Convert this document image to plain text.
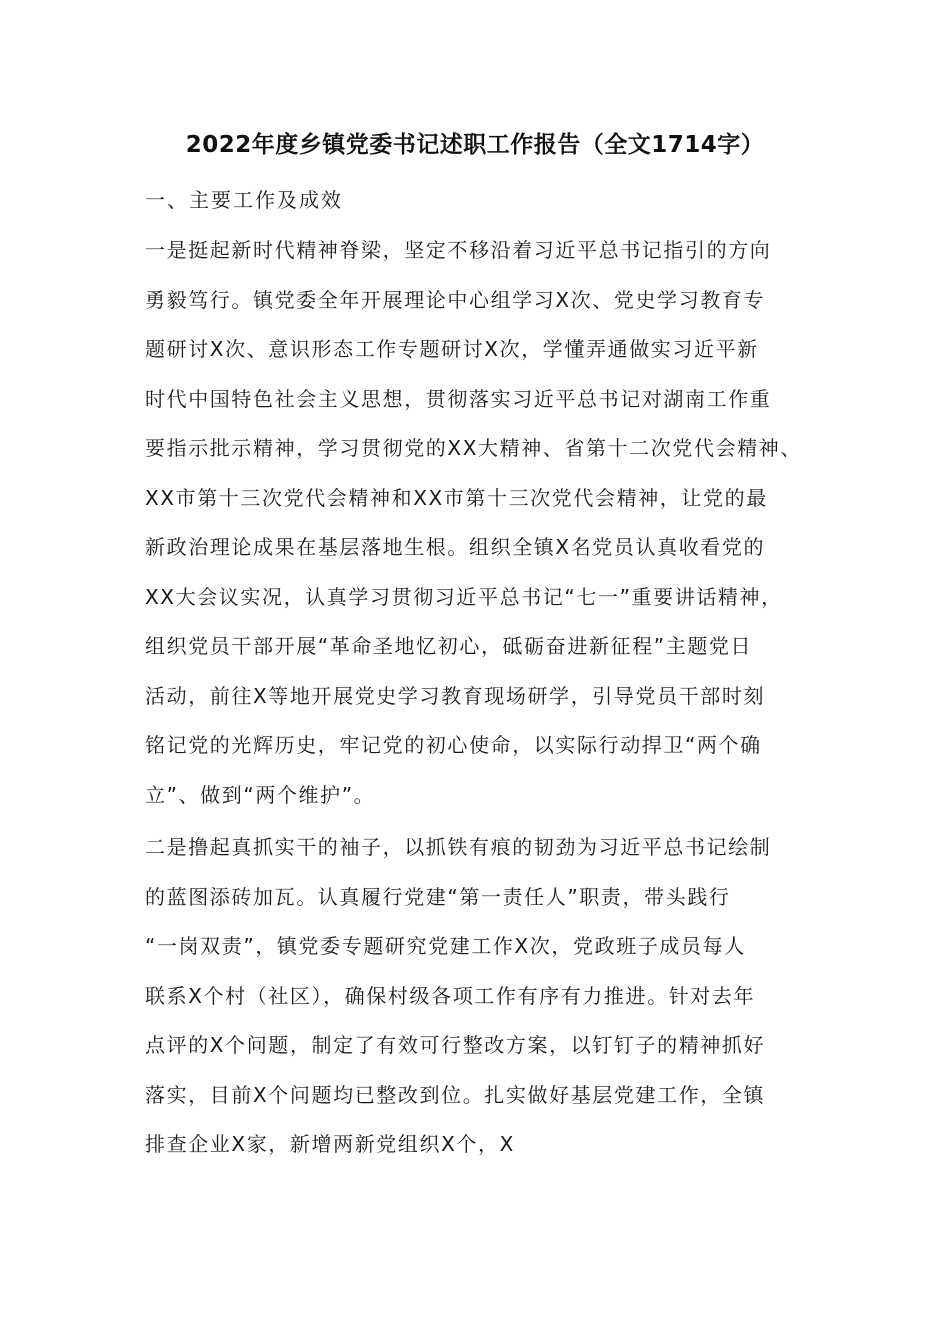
2022年度乡镇党委书记述职工作报告（全文1714字）
一、主要工作及成效
一是挺起新时代精神脊梁，坚定不移沿着习近平总书记指引的方向
勇毅笃行。镇党委全年开展理论中心组学习X次、党史学习教育专
题研讨X次、意识形态工作专题研讨X次，学懂弄通做实习近平新
时代中国特色社会主义思想，贯彻落实习近平总书记对湖南工作重
要指示批示精神，学习贯彻党的XX大精神、省第十二次党代会精神、
XX市第十三次党代会精神和XX市第十三次党代会精神，让党的最
新政治理论成果在基层落地生根。组织全镇X名党员认真收看党的
XX大会议实况，认真学习贯彻习近平总书记“七一”重要讲话精神，
组织党员干部开展“革命圣地忆初心，砥砺奋进新征程”主题党日
活动，前往X等地开展党史学习教育现场研学，引导党员干部时刻
铭记党的光辉历史，牢记党的初心使命，以实际行动捍卫“两个确
立”、做到“两个维护”。
二是撸起真抓实干的袖子，以抓铁有痕的韧劲为习近平总书记绘制
的蓝图添砖加瓦。认真履行党建“第一责任人”职责，带头践行
“一岗双责”，镇党委专题研究党建工作X次，党政班子成员每人
联系X个村（社区），确保村级各项工作有序有力推进。针对去年
点评的X个问题，制定了有效可行整改方案，以钉钉子的精神抓好
落实，目前X个问题均已整改到位。扎实做好基层党建工作，全镇
排查企业X家，新增两新党组织X个，X
